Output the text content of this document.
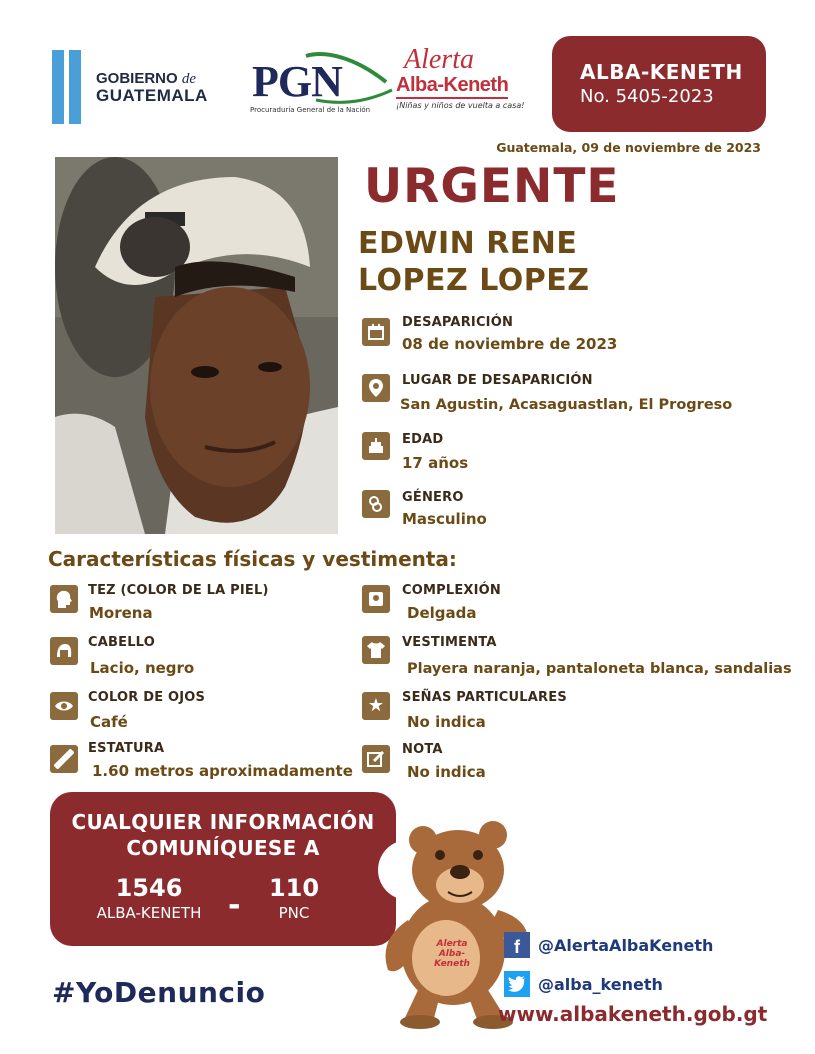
GOBIERNO de
GUATEMALA PGN
Procuraduría General de la Nación
Alerta
Alba-Keneth
¡Niñas y niños de vuelta a casa!
ALBA-KENETH
No. 5405-2023
Guatemala, 09 de noviembre de 2023
URGENTE
EDWIN RENE
LOPEZ LOPEZ
DESAPARICIÓN
08 de noviembre de 2023
LUGAR DE DESAPARICIÓN
San Agustin, Acasaguastlan, El Progreso
EDAD
17 años
GÉNERO
Masculino
Características físicas y vestimenta:
TEZ (COLOR DE LA PIEL)
Morena
CABELLO
Lacio, negro
COLOR DE OJOS
Café
ESTATURA
1.60 metros aproximadamente
COMPLEXIÓN
Delgada
VESTIMENTA
Playera naranja, pantaloneta blanca, sandalias
★	SEÑAS PARTICULARES
No indica
NOTA
No indica
CUALQUIER INFORMACIÓN
COMUNÍQUESE A
1546
ALBA-KENETH -	110
PNC
Alerta Alba-Keneth
#YoDenuncio
f	@AlertaAlbaKeneth
@alba_keneth
www.albakeneth.gob.gt
